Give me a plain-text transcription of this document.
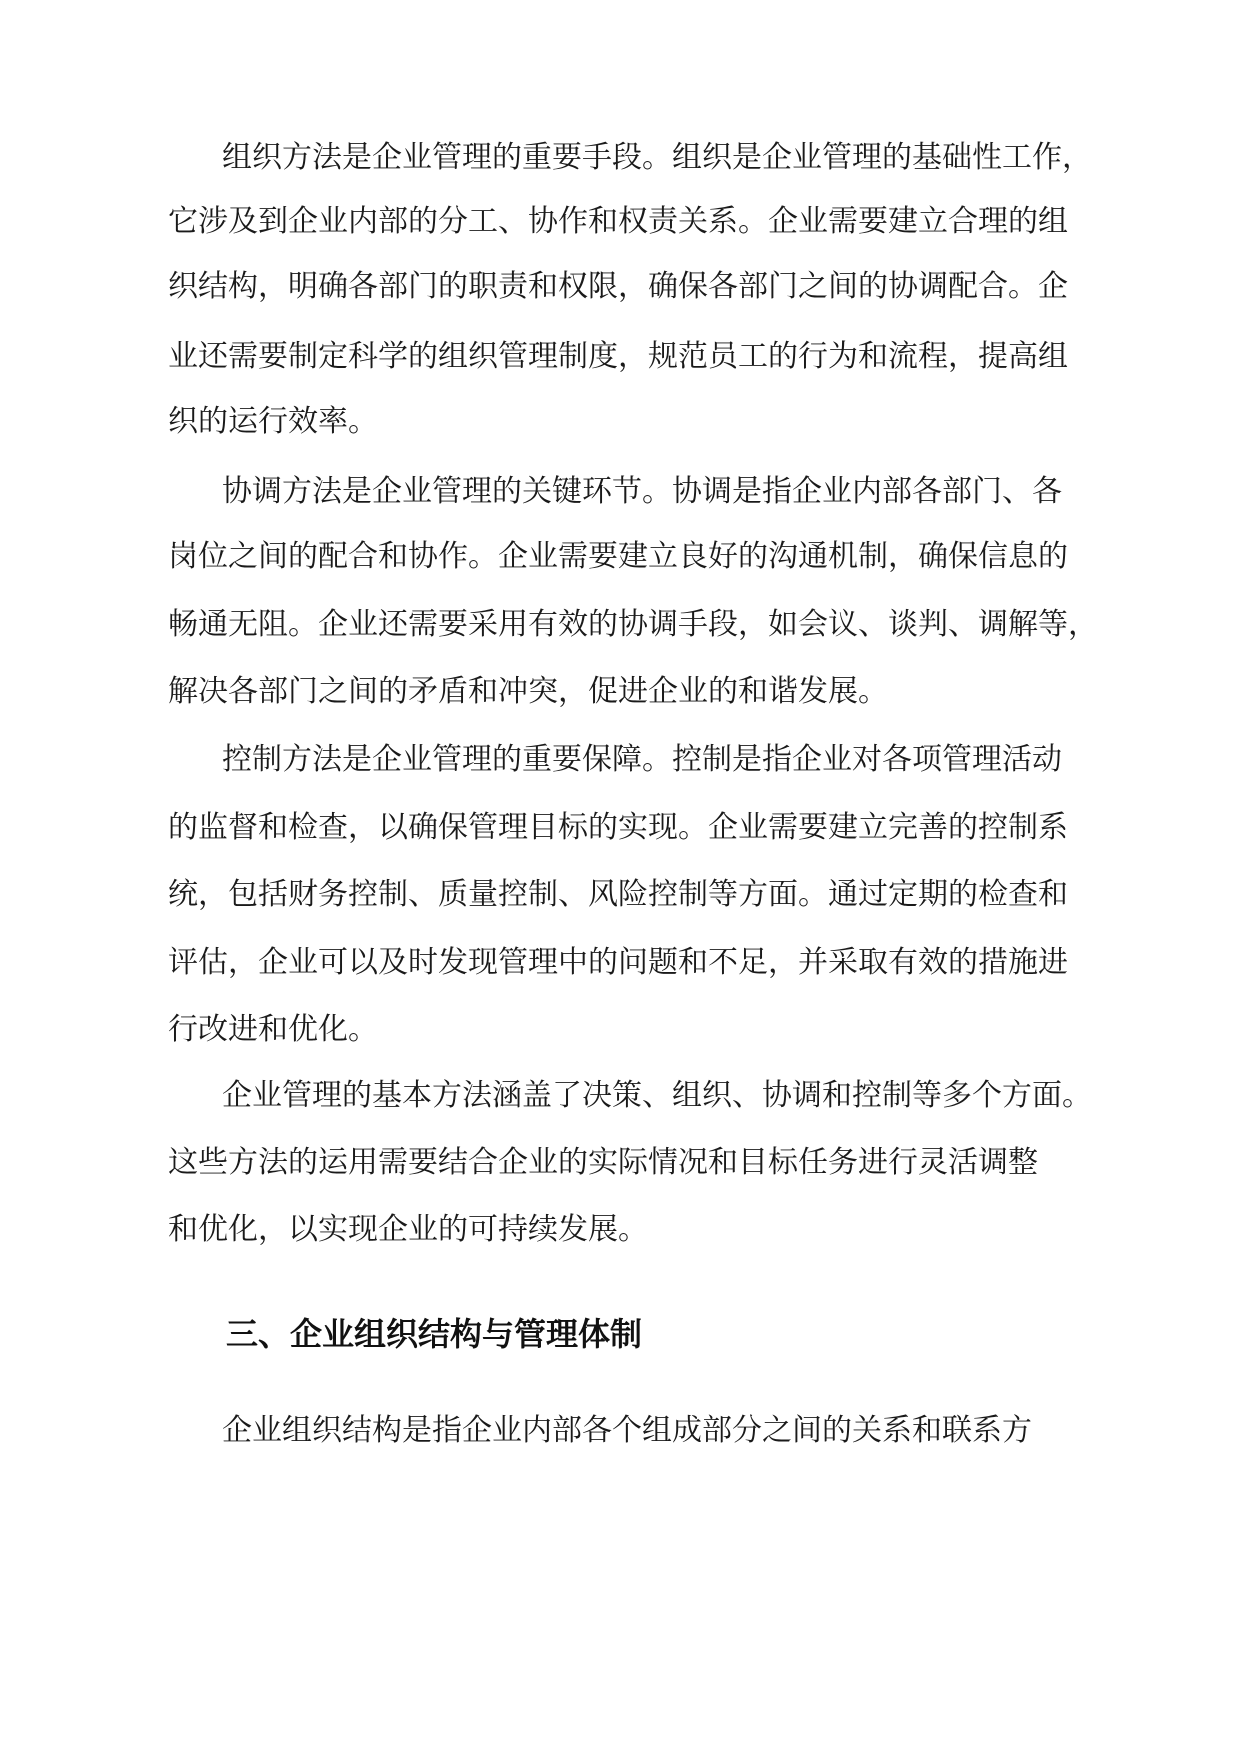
组织方法是企业管理的重要手段。组织是企业管理的基础性工作，
它涉及到企业内部的分工、协作和权责关系。企业需要建立合理的组
织结构，明确各部门的职责和权限，确保各部门之间的协调配合。企
业还需要制定科学的组织管理制度，规范员工的行为和流程，提高组
织的运行效率。
协调方法是企业管理的关键环节。协调是指企业内部各部门、各
岗位之间的配合和协作。企业需要建立良好的沟通机制，确保信息的
畅通无阻。企业还需要采用有效的协调手段，如会议、谈判、调解等，
解决各部门之间的矛盾和冲突，促进企业的和谐发展。
控制方法是企业管理的重要保障。控制是指企业对各项管理活动
的监督和检查，以确保管理目标的实现。企业需要建立完善的控制系
统，包括财务控制、质量控制、风险控制等方面。通过定期的检查和
评估，企业可以及时发现管理中的问题和不足，并采取有效的措施进
行改进和优化。
企业管理的基本方法涵盖了决策、组织、协调和控制等多个方面。
这些方法的运用需要结合企业的实际情况和目标任务进行灵活调整
和优化，以实现企业的可持续发展。
三、企业组织结构与管理体制
企业组织结构是指企业内部各个组成部分之间的关系和联系方
